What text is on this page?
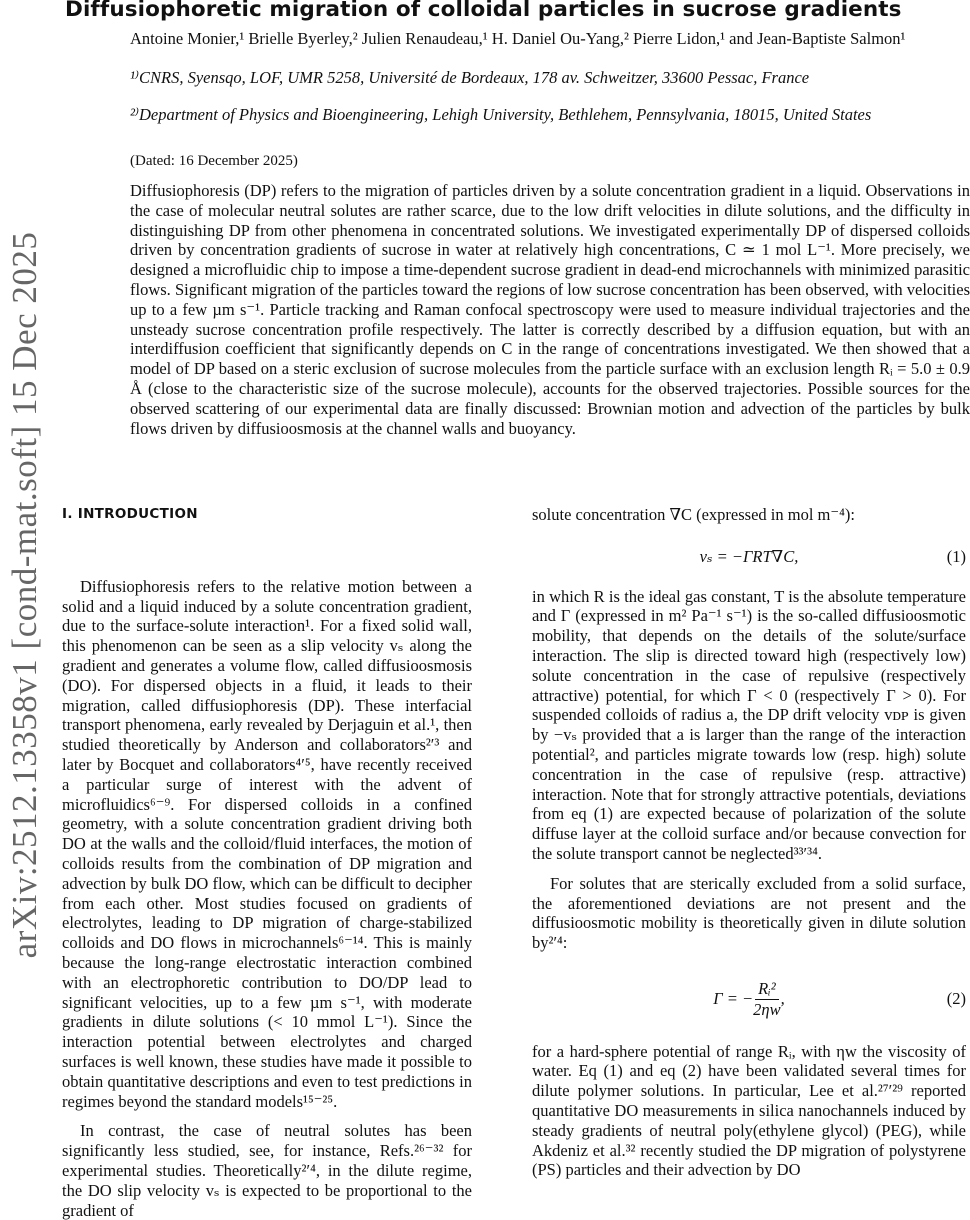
arXiv:2512.13358v1 [cond-mat.soft] 15 Dec 2025
Diffusiophoretic migration of colloidal particles in sucrose gradients
Antoine Monier,¹ Brielle Byerley,² Julien Renaudeau,¹ H. Daniel Ou-Yang,² Pierre Lidon,¹ and Jean-Baptiste Salmon¹
¹⁾CNRS, Syensqo, LOF, UMR 5258, Université de Bordeaux, 178 av. Schweitzer, 33600 Pessac, France
²⁾Department of Physics and Bioengineering, Lehigh University, Bethlehem, Pennsylvania, 18015, United States
(Dated: 16 December 2025)
Diffusiophoresis (DP) refers to the migration of particles driven by a solute concentration gradient in a liquid. Observations in the case of molecular neutral solutes are rather scarce, due to the low drift velocities in dilute solutions, and the difficulty in distinguishing DP from other phenomena in concentrated solutions. We investigated experimentally DP of dispersed colloids driven by concentration gradients of sucrose in water at relatively high concentrations, C ≃ 1 mol L⁻¹. More precisely, we designed a microfluidic chip to impose a time-dependent sucrose gradient in dead-end microchannels with minimized parasitic flows. Significant migration of the particles toward the regions of low sucrose concentration has been observed, with velocities up to a few µm s⁻¹. Particle tracking and Raman confocal spectroscopy were used to measure individual trajectories and the unsteady sucrose concentration profile respectively. The latter is correctly described by a diffusion equation, but with an interdiffusion coefficient that significantly depends on C in the range of concentrations investigated. We then showed that a model of DP based on a steric exclusion of sucrose molecules from the particle surface with an exclusion length Rᵢ = 5.0 ± 0.9 Å (close to the characteristic size of the sucrose molecule), accounts for the observed trajectories. Possible sources for the observed scattering of our experimental data are finally discussed: Brownian motion and advection of the particles by bulk flows driven by diffusioosmosis at the channel walls and buoyancy.
I. INTRODUCTION

Diffusiophoresis refers to the relative motion between a solid and a liquid induced by a solute concentration gradient, due to the surface-solute interaction¹. For a fixed solid wall, this phenomenon can be seen as a slip velocity vₛ along the gradient and generates a volume flow, called diffusioosmosis (DO). For dispersed objects in a fluid, it leads to their migration, called diffusiophoresis (DP). These interfacial transport phenomena, early revealed by Derjaguin et al.¹, then studied theoretically by Anderson and collaborators²ʹ³ and later by Bocquet and collaborators⁴ʹ⁵, have recently received a particular surge of interest with the advent of microfluidics⁶⁻⁹. For dispersed colloids in a confined geometry, with a solute concentration gradient driving both DO at the walls and the colloid/fluid interfaces, the motion of colloids results from the combination of DP migration and advection by bulk DO flow, which can be difficult to decipher from each other. Most studies focused on gradients of electrolytes, leading to DP migration of charge-stabilized colloids and DO flows in microchannels⁶⁻¹⁴. This is mainly because the long-range electrostatic interaction combined with an electrophoretic contribution to DO/DP lead to significant velocities, up to a few µm s⁻¹, with moderate gradients in dilute solutions (< 10 mmol L⁻¹). Since the interaction potential between electrolytes and charged surfaces is well known, these studies have made it possible to obtain quantitative descriptions and even to test predictions in regimes beyond the standard models¹⁵⁻²⁵.

In contrast, the case of neutral solutes has been significantly less studied, see, for instance, Refs.²⁶⁻³² for experimental studies. Theoretically²ʹ⁴, in the dilute regime, the DO slip velocity vₛ is expected to be proportional to the gradient of

solute concentration ∇C (expressed in mol m⁻⁴):

vₛ = −ΓRT∇C,	(1)

in which R is the ideal gas constant, T is the absolute temperature and Γ (expressed in m² Pa⁻¹ s⁻¹) is the so-called diffusioosmotic mobility, that depends on the details of the solute/surface interaction. The slip is directed toward high (respectively low) solute concentration in the case of repulsive (respectively attractive) potential, for which Γ < 0 (respectively Γ > 0). For suspended colloids of radius a, the DP drift velocity vᴅᴘ is given by −vₛ provided that a is larger than the range of the interaction potential², and particles migrate towards low (resp. high) solute concentration in the case of repulsive (resp. attractive) interaction. Note that for strongly attractive potentials, deviations from eq (1) are expected because of polarization of the solute diffuse layer at the colloid surface and/or because convection for the solute transport cannot be neglected³³ʹ³⁴.

For solutes that are sterically excluded from a solid surface, the aforementioned deviations are not present and the diffusioosmotic mobility is theoretically given in dilute solution by²ʹ⁴:

Γ = − $\frac{\text{Rᵢ²}}{2\eta w}$ ,	(2)

for a hard-sphere potential of range Rᵢ, with ηw the viscosity of water. Eq (1) and eq (2) have been validated several times for dilute polymer solutions. In particular, Lee et al.²⁷ʹ²⁹ reported quantitative DO measurements in silica nanochannels induced by steady gradients of neutral poly(ethylene glycol) (PEG), while Akdeniz et al.³² recently studied the DP migration of polystyrene (PS) particles and their advection by DO
